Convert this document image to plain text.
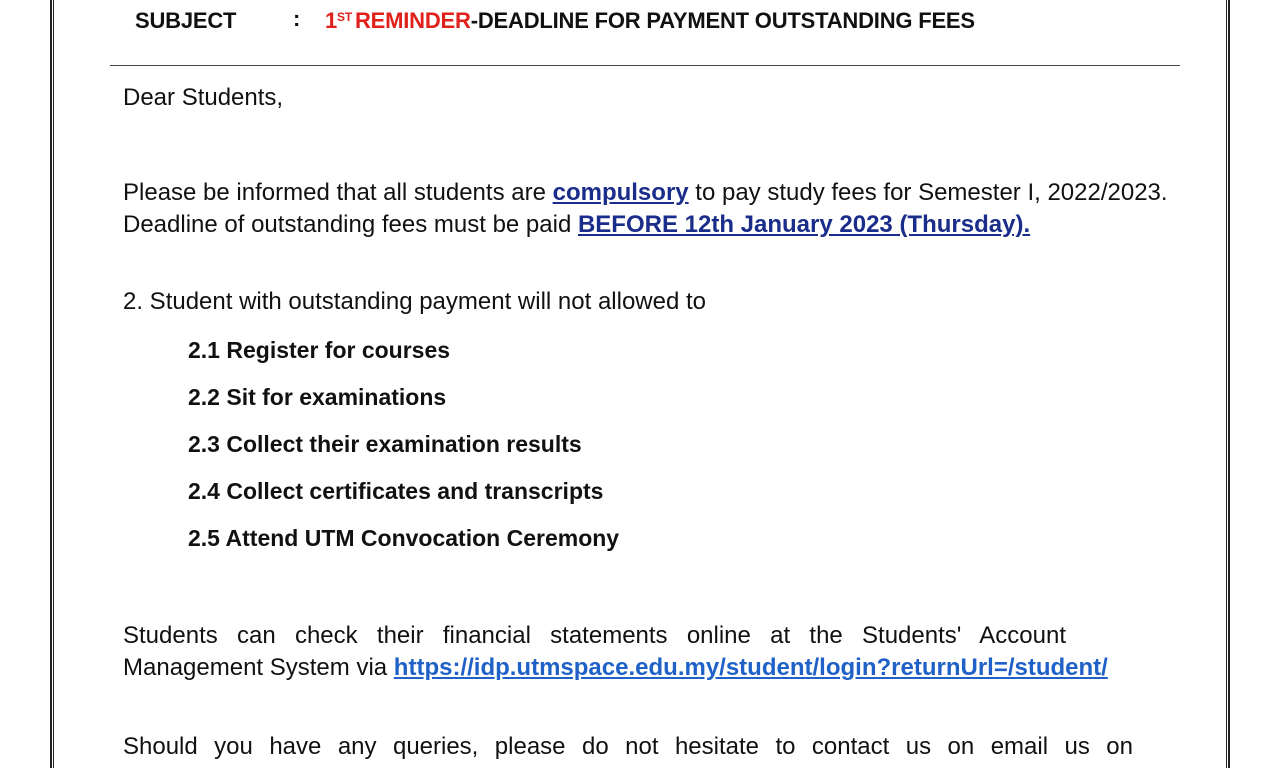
SUBJECT	: 1ST REMINDER-DEADLINE FOR PAYMENT OUTSTANDING FEES
Dear Students,
Please be informed that all students are compulsory to pay study fees for Semester I, 2022/2023.
Deadline of outstanding fees must be paid BEFORE 12th January 2023 (Thursday).
2. Student with outstanding payment will not allowed to
2.1 Register for courses
2.2 Sit for examinations
2.3 Collect their examination results
2.4 Collect certificates and transcripts
2.5 Attend UTM Convocation Ceremony
Students can check their financial statements online at the Students' Account
Management System via https://idp.utmspace.edu.my/student/login?returnUrl=/student/
Should you have any queries, please do not hesitate to contact us on email us on
